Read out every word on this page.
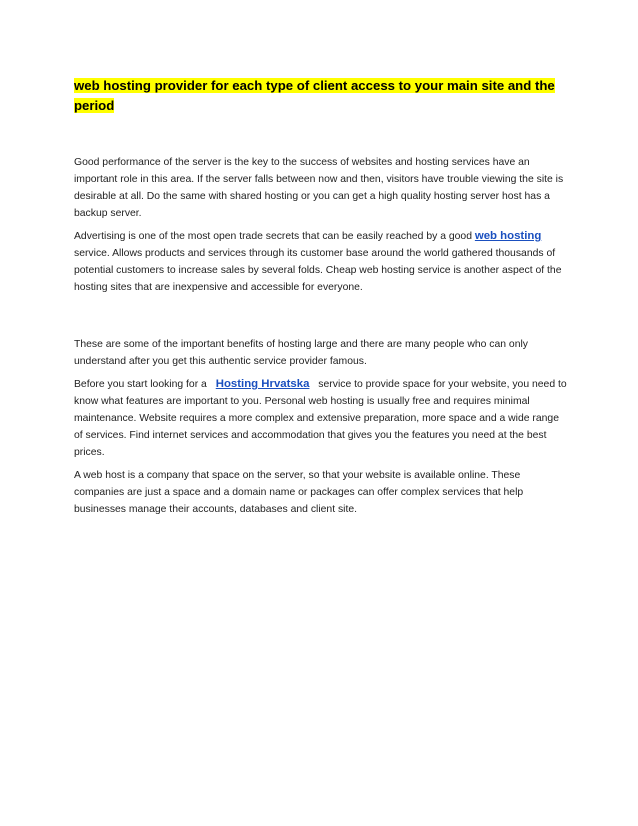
web hosting provider for each type of client access to your main site and the period

Good performance of the server is the key to the success of websites and hosting services have an important role in this area. If the server falls between now and then, visitors have trouble viewing the site is desirable at all. Do the same with shared hosting or you can get a high quality hosting server host has a backup server.

Advertising is one of the most open trade secrets that can be easily reached by a good web hosting service. Allows products and services through its customer base around the world gathered thousands of potential customers to increase sales by several folds. Cheap web hosting service is another aspect of the hosting sites that are inexpensive and accessible for everyone.

These are some of the important benefits of hosting large and there are many people who can only understand after you get this authentic service provider famous.

Before you start looking for a Hosting Hrvatska service to provide space for your website, you need to know what features are important to you. Personal web hosting is usually free and requires minimal maintenance. Website requires a more complex and extensive preparation, more space and a wide range of services. Find internet services and accommodation that gives you the features you need at the best prices.

A web host is a company that space on the server, so that your website is available online. These companies are just a space and a domain name or packages can offer complex services that help businesses manage their accounts, databases and client site.
